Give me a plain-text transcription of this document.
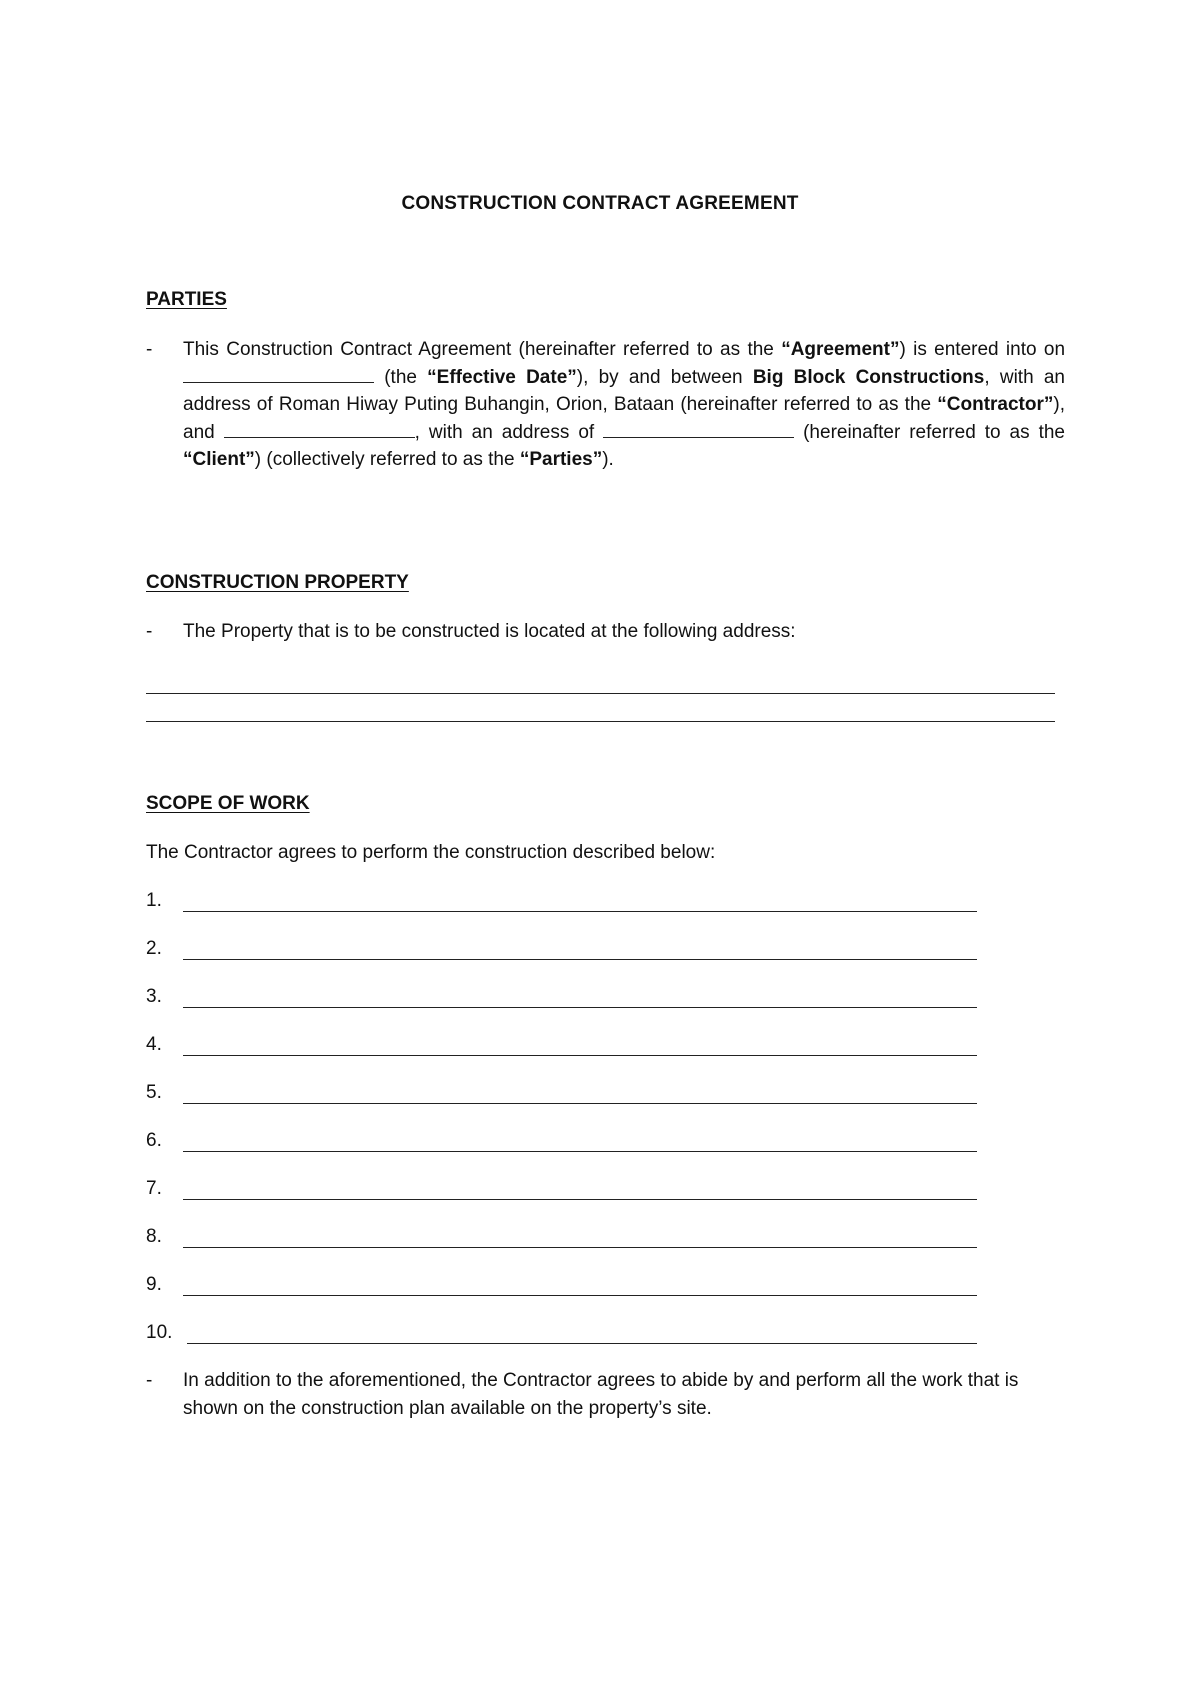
CONSTRUCTION CONTRACT AGREEMENT
PARTIES
- This Construction Contract Agreement (hereinafter referred to as the “Agreement”) is entered into on  (the “Effective Date”), by and between Big Block Constructions, with an address of Roman Hiway Puting Buhangin, Orion, Bataan (hereinafter referred to as the “Contractor”), and	, with an address of	(hereinafter referred to as the “Client”) (collectively referred to as the “Parties”).
CONSTRUCTION PROPERTY
- The Property that is to be constructed is located at the following address:
SCOPE OF WORK
The Contractor agrees to perform the construction described below:
1.
2.
3.
4.
5.
6.
7.
8.
9.
10.
- In addition to the aforementioned, the Contractor agrees to abide by and perform all the work that is shown on the construction plan available on the property’s site.
